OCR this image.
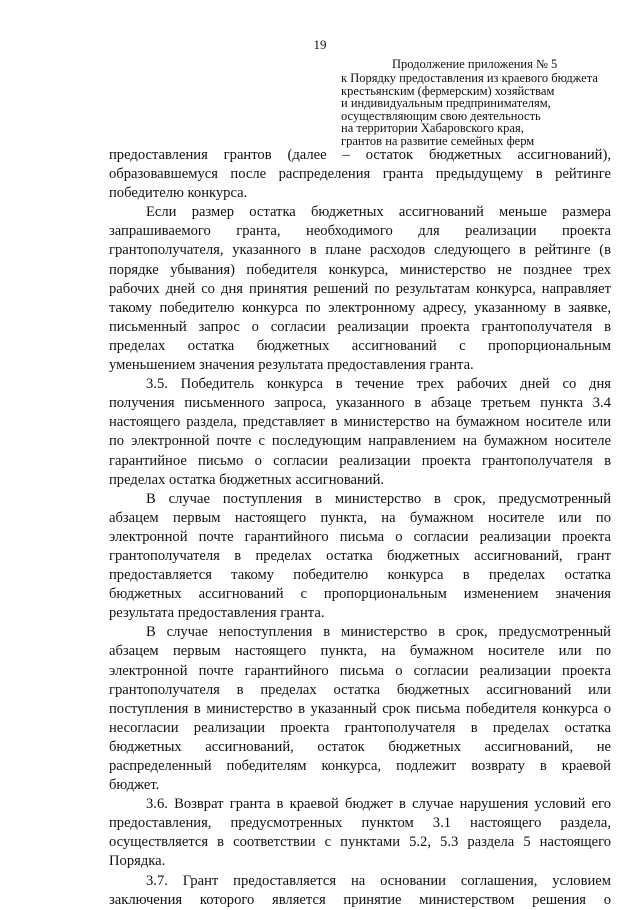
19
Продолжение приложения № 5
к Порядку предоставления из краевого бюджета
крестьянским (фермерским) хозяйствам
и индивидуальным предпринимателям,
осуществляющим свою деятельность
на территории Хабаровского края,
грантов на развитие семейных ферм
предоставления грантов (далее – остаток бюджетных ассигнований),
образовавшемуся после распределения гранта предыдущему в рейтинге
победителю конкурса.
Если размер остатка бюджетных ассигнований меньше размера
запрашиваемого гранта, необходимого для реализации проекта
грантополучателя, указанного в плане расходов следующего в рейтинге (в
порядке убывания) победителя конкурса, министерство не позднее трех
рабочих дней со дня принятия решений по результатам конкурса, направляет
такому победителю конкурса по электронному адресу, указанному в заявке,
письменный запрос о согласии реализации проекта грантополучателя в
пределах остатка бюджетных ассигнований с пропорциональным
уменьшением значения результата предоставления гранта.
3.5. Победитель конкурса в течение трех рабочих дней со дня
получения письменного запроса, указанного в абзаце третьем пункта 3.4
настоящего раздела, представляет в министерство на бумажном носителе или
по электронной почте с последующим направлением на бумажном носителе
гарантийное письмо о согласии реализации проекта грантополучателя в
пределах остатка бюджетных ассигнований.
В случае поступления в министерство в срок, предусмотренный
абзацем первым настоящего пункта, на бумажном носителе или по
электронной почте гарантийного письма о согласии реализации проекта
грантополучателя в пределах остатка бюджетных ассигнований, грант
предоставляется такому победителю конкурса в пределах остатка
бюджетных ассигнований с пропорциональным изменением значения
результата предоставления гранта.
В случае непоступления в министерство в срок, предусмотренный
абзацем первым настоящего пункта, на бумажном носителе или по
электронной почте гарантийного письма о согласии реализации проекта
грантополучателя в пределах остатка бюджетных ассигнований или
поступления в министерство в указанный срок письма победителя конкурса о
несогласии реализации проекта грантополучателя в пределах остатка
бюджетных ассигнований, остаток бюджетных ассигнований, не
распределенный победителям конкурса, подлежит возврату в краевой
бюджет.
3.6. Возврат гранта в краевой бюджет в случае нарушения условий его
предоставления, предусмотренных пунктом 3.1 настоящего раздела,
осуществляется в соответствии с пунктами 5.2, 5.3 раздела 5 настоящего
Порядка.
3.7. Грант предоставляется на основании соглашения, условием
заключения которого является принятие министерством решения о
